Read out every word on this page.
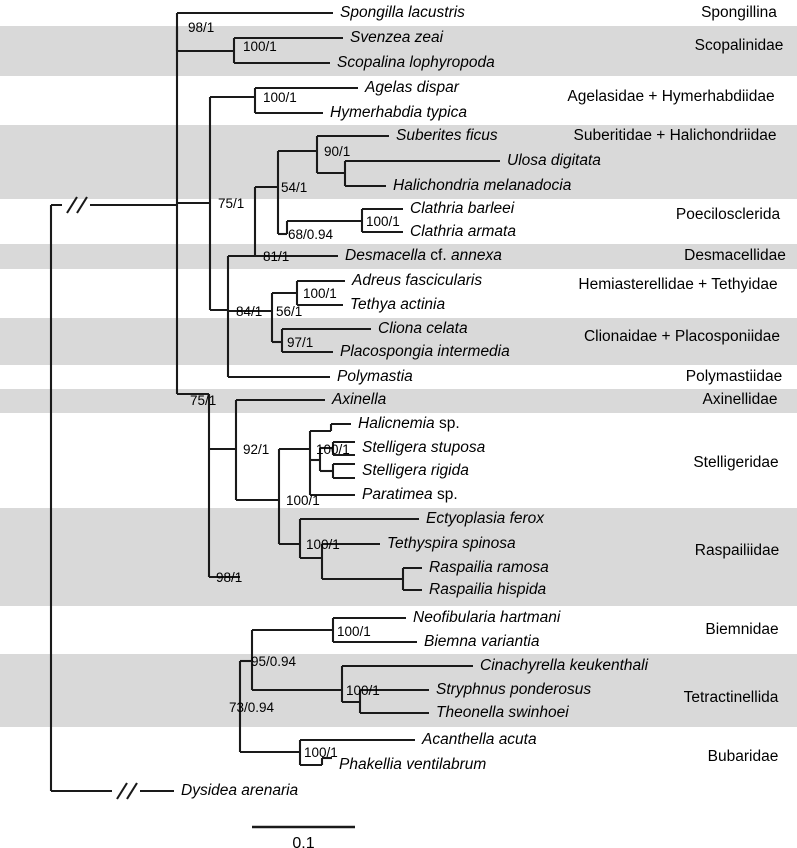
98/1
100/1
100/1
90/1
54/1
75/1
100/1
68/0.94
81/1
100/1
84/1 56/1
97/1
75/1
92/1	100/1
100/1
100/1
98/1
100/1
95/0.94
100/1
73/0.94
100/1
Spongilla lacustris
Svenzea zeai
Scopalina lophyropoda
Agelas dispar
Hymerhabdia typica
Suberites ficus
Ulosa digitata
Halichondria melanadocia
Clathria barleei
Clathria armata
Desmacella cf. annexa
Adreus fascicularis
Tethya actinia
Cliona celata
Placospongia intermedia
Polymastia
Axinella
Halicnemia sp.
Stelligera stuposa
Stelligera rigida
Paratimea sp.
Ectyoplasia ferox
Tethyspira spinosa
Raspailia ramosa
Raspailia hispida
Neofibularia hartmani
Biemna variantia
Cinachyrella keukenthali
Stryphnus ponderosus
Theonella swinhoei
Acanthella acuta
Phakellia ventilabrum
Dysidea arenaria
Spongillina
Scopalinidae
Agelasidae + Hymerhabdiidae
Suberitidae + Halichondriidae
Poecilosclerida
Desmacellidae
Hemiasterellidae + Tethyidae
Clionaidae + Placosponiidae
Polymastiidae
Axinellidae
Stelligeridae
Raspailiidae
Biemnidae
Tetractinellida
Bubaridae
0.1
